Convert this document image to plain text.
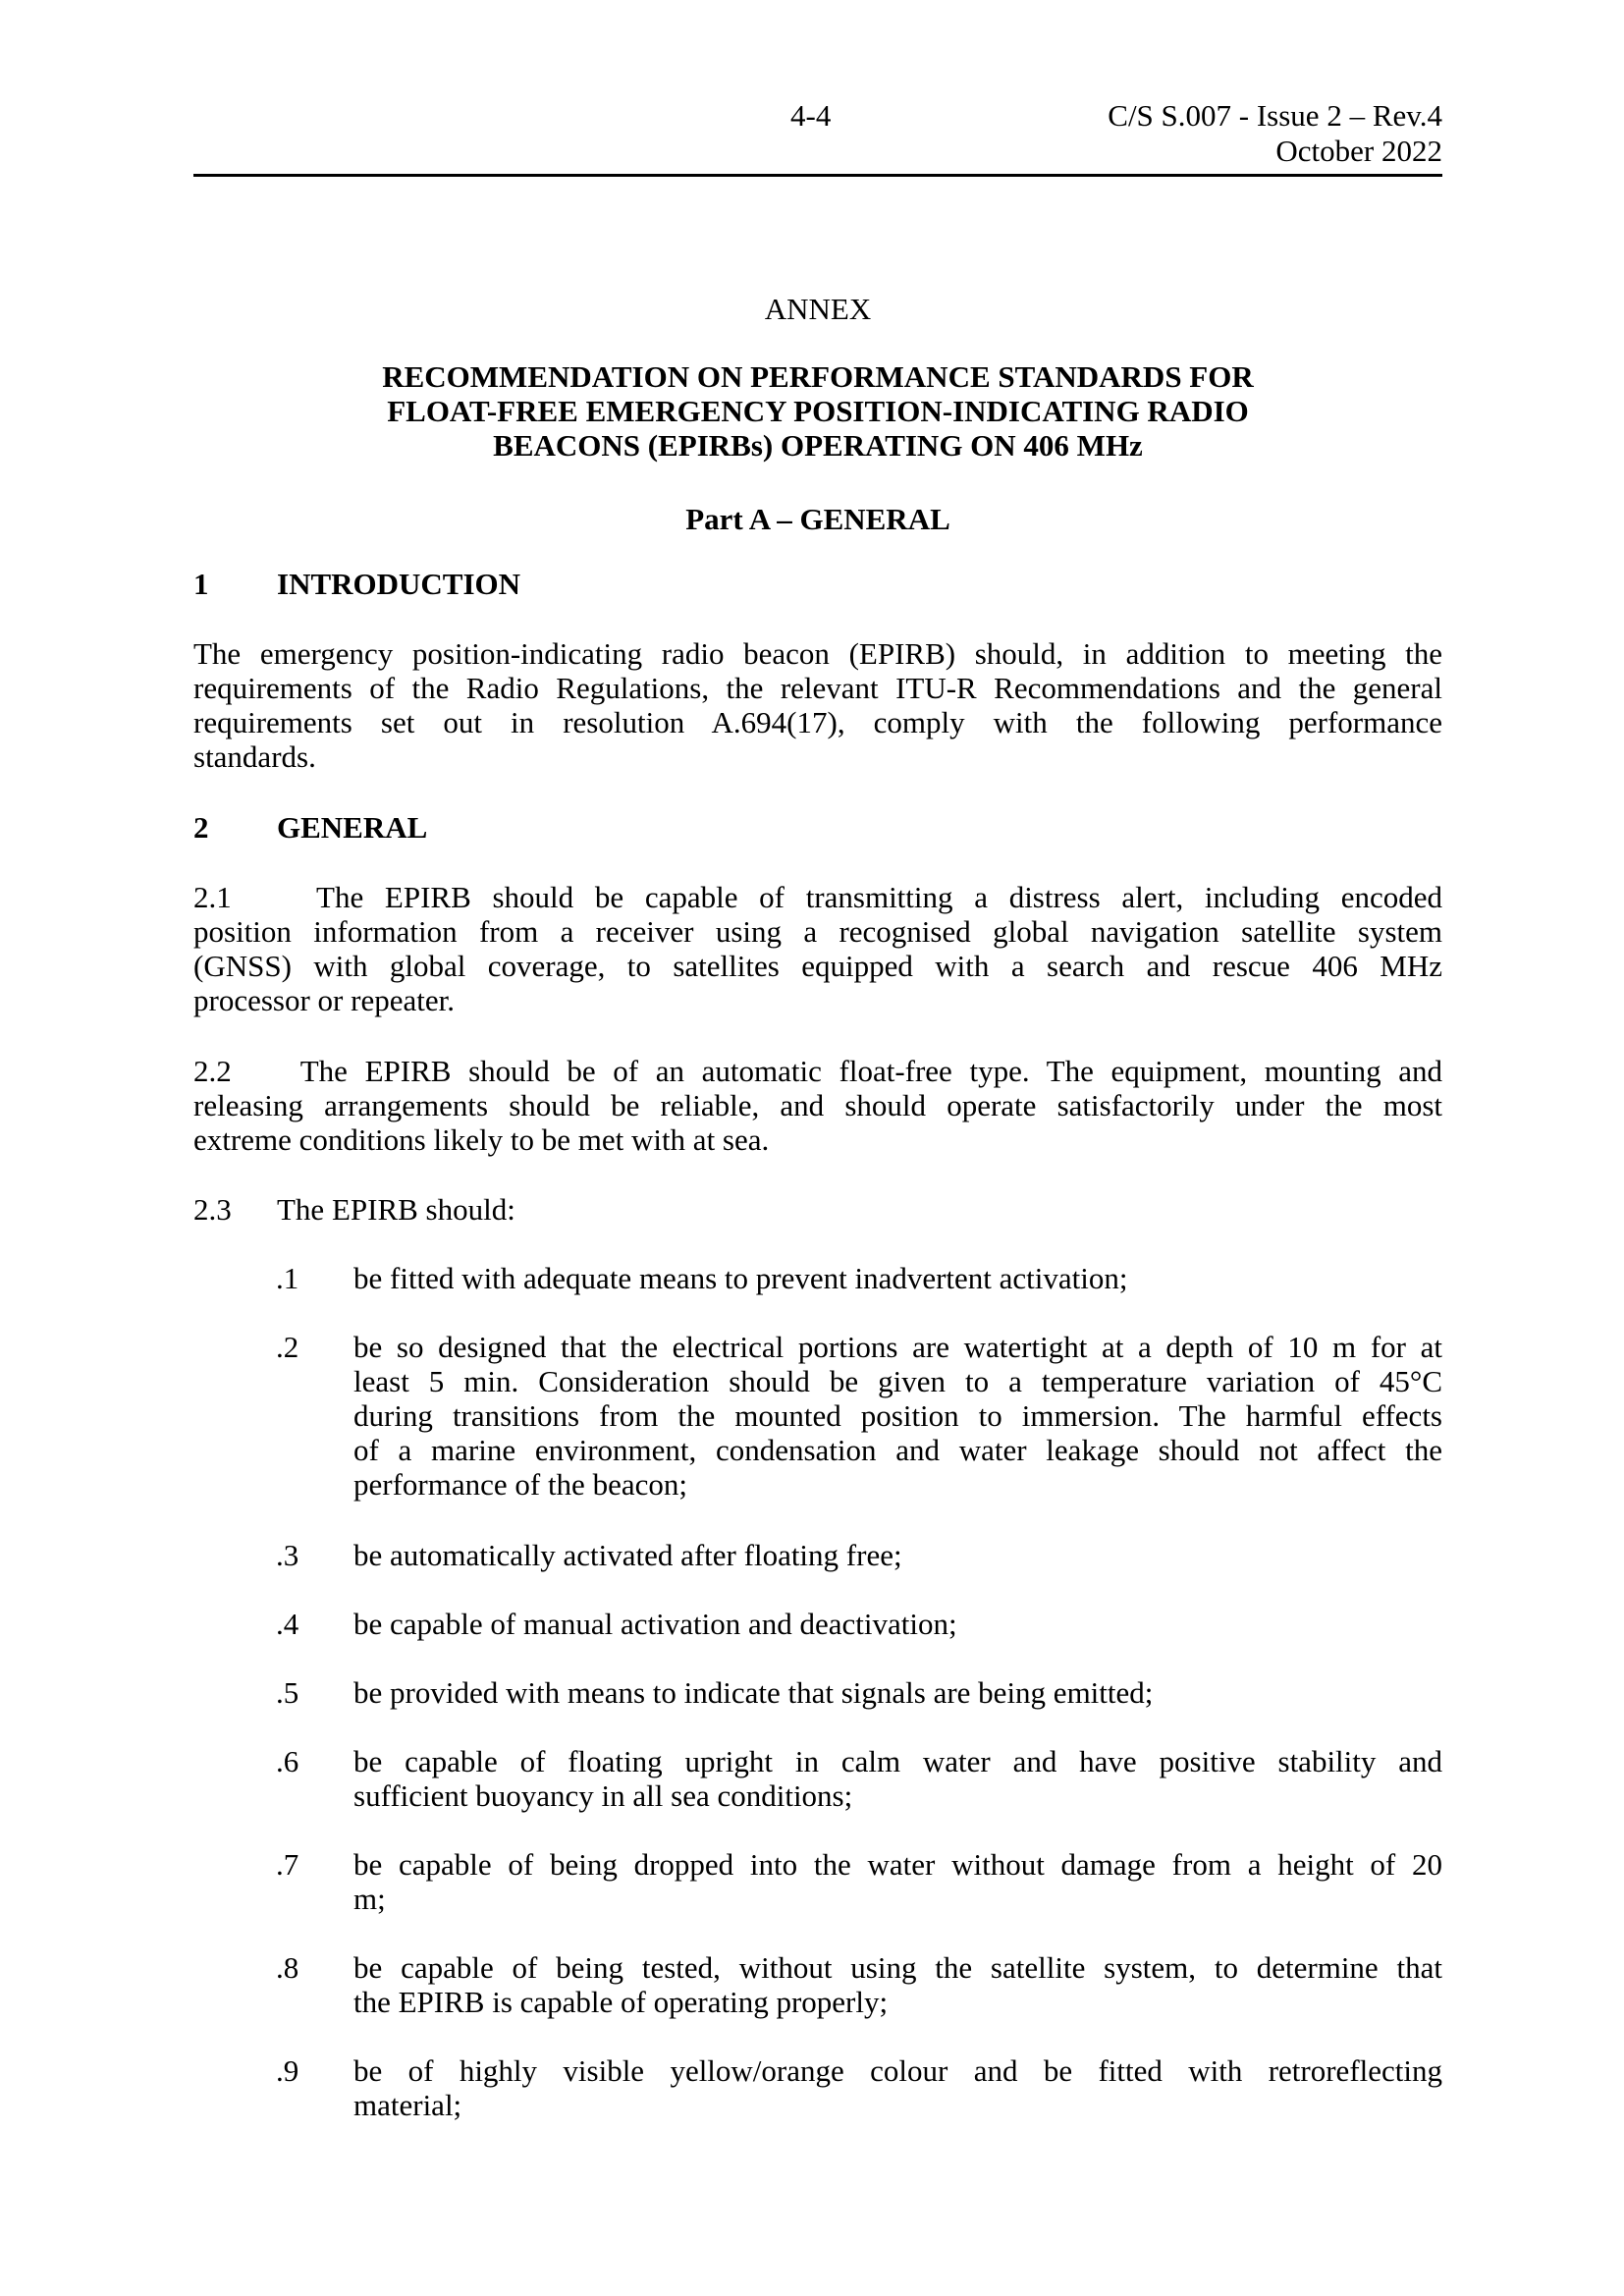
4-4	C/S S.007 - Issue 2 – Rev.4
October 2022
ANNEX
RECOMMENDATION ON PERFORMANCE STANDARDS FOR
FLOAT-FREE EMERGENCY POSITION-INDICATING RADIO
BEACONS (EPIRBs) OPERATING ON 406 MHz
Part A – GENERAL
1 INTRODUCTION
The emergency position-indicating radio beacon (EPIRB) should, in addition to meeting the
requirements of the Radio Regulations, the relevant ITU-R Recommendations and the general
requirements set out in resolution A.694(17), comply with the following performance
standards.
2 GENERAL
2.1	The EPIRB should be capable of transmitting a distress alert, including encoded
position information from a receiver using a recognised global navigation satellite system
(GNSS) with global coverage, to satellites equipped with a search and rescue 406 MHz
processor or repeater.
2.2 The EPIRB should be of an automatic float-free type. The equipment, mounting and
releasing arrangements should be reliable, and should operate satisfactorily under the most
extreme conditions likely to be met with at sea.
2.3 The EPIRB should:
.1 be fitted with adequate means to prevent inadvertent activation;
.2 be so designed that the electrical portions are watertight at a depth of 10 m for at
least 5 min. Consideration should be given to a temperature variation of 45°C
during transitions from the mounted position to immersion. The harmful effects
of a marine environment, condensation and water leakage should not affect the
performance of the beacon;
.3 be automatically activated after floating free;
.4 be capable of manual activation and deactivation;
.5 be provided with means to indicate that signals are being emitted;
.6 be capable of floating upright in calm water and have positive stability and
sufficient buoyancy in all sea conditions;
.7 be capable of being dropped into the water without damage from a height of 20
m;
.8 be capable of being tested, without using the satellite system, to determine that
the EPIRB is capable of operating properly;
.9 be of highly visible yellow/orange colour and be fitted with retroreflecting
material;
